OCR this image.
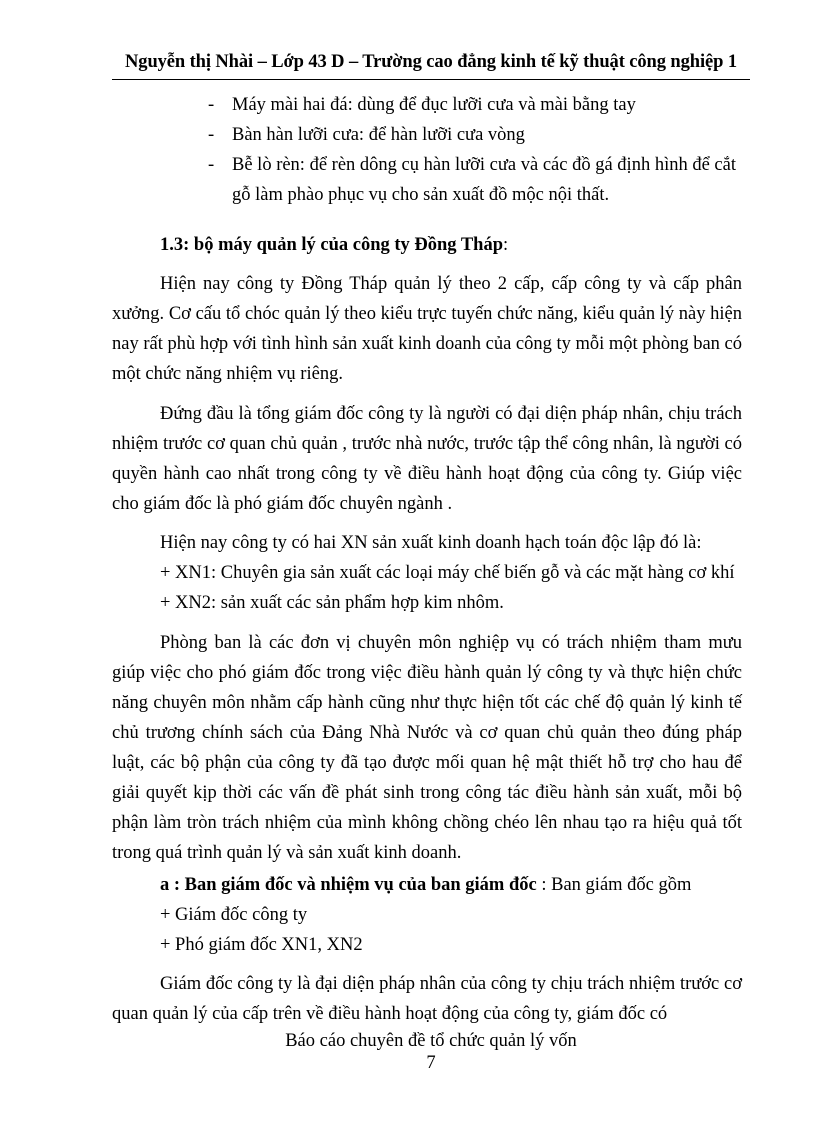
Nguyễn thị Nhài – Lớp 43 D – Trường cao đẳng kinh tế kỹ thuật công nghiệp 1
- Máy mài hai đá: dùng để đục lưỡi cưa và mài bằng tay
- Bàn hàn lưỡi cưa: để hàn lưỡi cưa vòng
- Bễ lò rèn: để rèn dông cụ hàn lưỡi cưa và các đồ gá định hình để cắt gỗ làm phào phục vụ cho sản xuất đồ mộc nội thất.
1.3: bộ máy quản lý của công ty Đồng Tháp:

Hiện nay công ty Đồng Tháp quản lý theo 2 cấp, cấp công ty và cấp phân xưởng. Cơ cấu tổ chóc quản lý theo kiểu trực tuyến chức năng, kiểu quản lý này hiện nay rất phù hợp với tình hình sản xuất kinh doanh của công ty mỗi một phòng ban có một chức năng nhiệm vụ riêng.

Đứng đầu là tổng giám đốc công ty là người có đại diện pháp nhân, chịu trách nhiệm trước cơ quan chủ quản , trước nhà nước, trước tập thể công nhân, là người có quyền hành cao nhất trong công ty về điều hành hoạt động của công ty. Giúp việc cho giám đốc là phó giám đốc chuyên ngành .

Hiện nay công ty có hai XN sản xuất kinh doanh hạch toán độc lập đó là:

+ XN1: Chuyên gia sản xuất các loại máy chế biến gỗ và các mặt hàng cơ khí
+ XN2: sản xuất các sản phẩm hợp kim nhôm.

Phòng ban là các đơn vị chuyên môn nghiệp vụ có trách nhiệm tham mưu giúp việc cho phó giám đốc trong việc điều hành quản lý công ty và thực hiện chức năng chuyên môn nhằm cấp hành cũng như thực hiện tốt các chế độ quản lý kinh tế chủ trương chính sách của Đảng Nhà Nước và cơ quan chủ quản theo đúng pháp luật, các bộ phận của công ty đã tạo được mối quan hệ mật thiết hỗ trợ cho hau để giải quyết kịp thời các vấn đề phát sinh trong công tác điều hành sản xuất, mỗi bộ phận làm tròn trách nhiệm của mình không chồng chéo lên nhau tạo ra hiệu quả tốt trong quá trình quản lý và sản xuất kinh doanh.

a : Ban giám đốc và nhiệm vụ của ban giám đốc : Ban giám đốc gồm
+ Giám đốc công ty
+ Phó giám đốc XN1, XN2

Giám đốc công ty là đại diện pháp nhân của công ty chịu trách nhiệm trước cơ quan quản lý của cấp trên về điều hành hoạt động của công ty, giám đốc có

Báo cáo chuyên đề tổ chức quản lý vốn
7
